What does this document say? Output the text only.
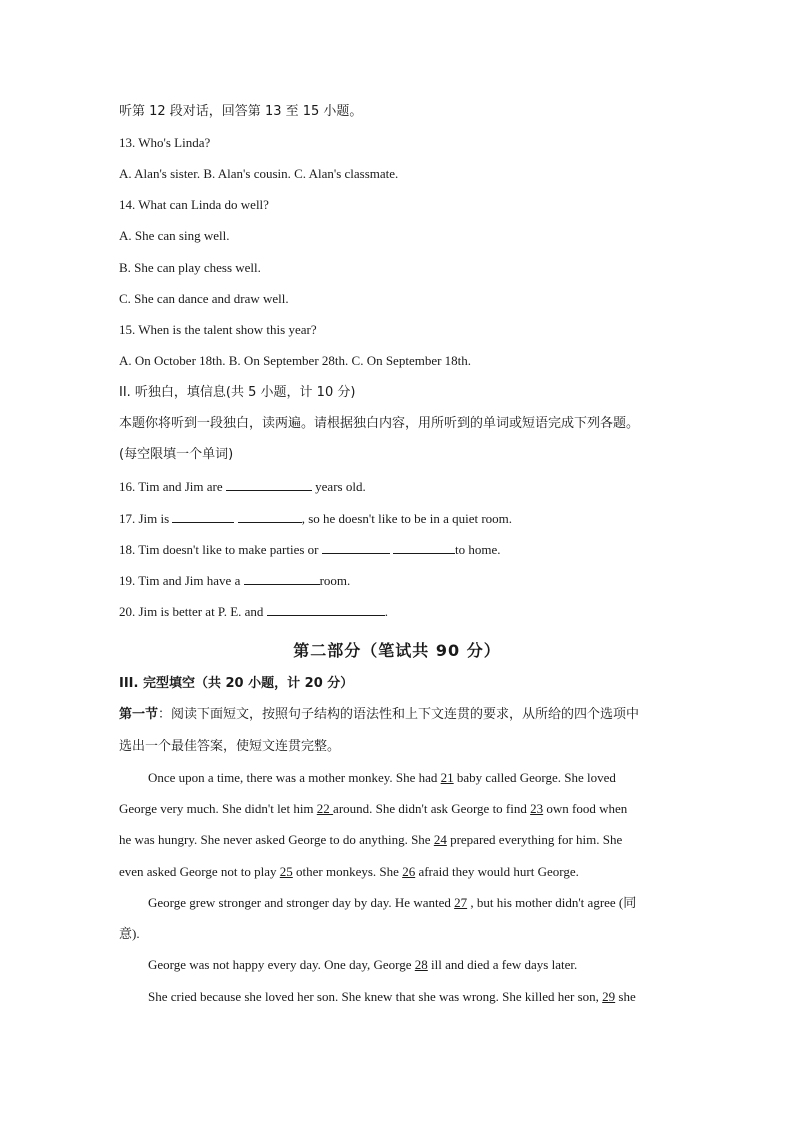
听第 12 段对话，回答第 13 至 15 小题。
13. Who's Linda?
A. Alan's sister. B. Alan's cousin. C. Alan's classmate.
14. What can Linda do well?
A. She can sing well.
B. She can play chess well.
C. She can dance and draw well.
15. When is the talent show this year?
A. On October 18th. B. On September 28th. C. On September 18th.
II. 听独白，填信息(共 5 小题，计 10 分)
本题你将听到一段独白，读两遍。请根据独白内容，用所听到的单词或短语完成下列各题。
(每空限填一个单词)
16. Tim and Jim are	years old.
17. Jim is	, so he doesn't like to be in a quiet room.
18. Tim doesn't like to make parties or	to home.
19. Tim and Jim have a	room.
20. Jim is better at P. E. and	.
第二部分（笔试共 90 分）
III. 完型填空（共 20 小题，计 20 分）
第一节：阅读下面短文，按照句子结构的语法性和上下文连贯的要求，从所给的四个选项中
选出一个最佳答案，使短文连贯完整。
Once upon a time, there was a mother monkey. She had 21 baby called George. She loved
George very much. She didn't let him 22 around. She didn't ask George to find 23 own food when
he was hungry. She never asked George to do anything. She 24 prepared everything for him. She
even asked George not to play 25 other monkeys. She 26 afraid they would hurt George.
George grew stronger and stronger day by day. He wanted 27 , but his mother didn't agree (同
意).
George was not happy every day. One day, George 28 ill and died a few days later.
She cried because she loved her son. She knew that she was wrong. She killed her son, 29 she
